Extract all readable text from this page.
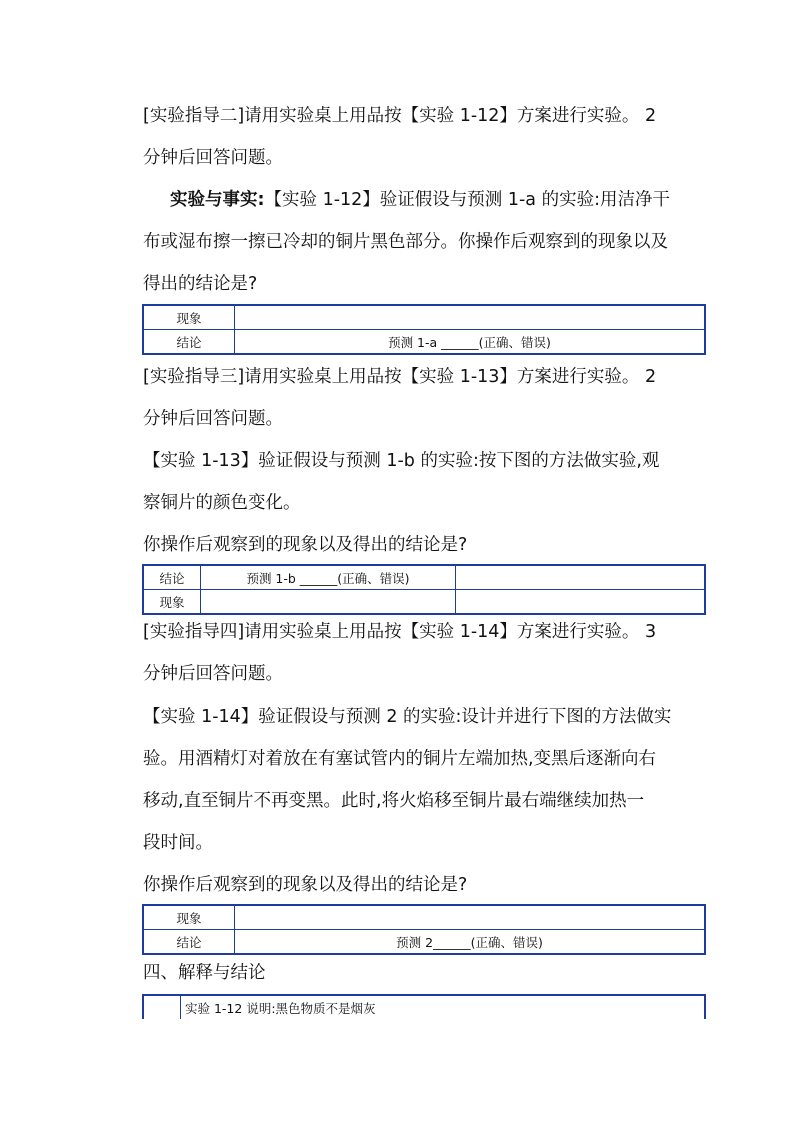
[实验指导二]请用实验桌上用品按【实验 1-12】方案进行实验。 2

分钟后回答问题。

实验与事实:【实验 1-12】验证假设与预测 1-a 的实验:用洁净干

布或湿布擦一擦已冷却的铜片黑色部分。你操作后观察到的现象以及

得出的结论是?

现象	
结论	预测 1-a ______(正确、错误)

[实验指导三]请用实验桌上用品按【实验 1-13】方案进行实验。 2

分钟后回答问题。

【实验 1-13】验证假设与预测 1-b 的实验:按下图的方法做实验,观

察铜片的颜色变化。

你操作后观察到的现象以及得出的结论是?

结论	预测 1-b ______(正确、错误)	
现象		

[实验指导四]请用实验桌上用品按【实验 1-14】方案进行实验。 3

分钟后回答问题。

【实验 1-14】验证假设与预测 2 的实验:设计并进行下图的方法做实

验。用酒精灯对着放在有塞试管内的铜片左端加热,变黑后逐渐向右

移动,直至铜片不再变黑。此时,将火焰移至铜片最右端继续加热一

段时间。

你操作后观察到的现象以及得出的结论是?

现象	
结论	预测 2______(正确、错误)

四、解释与结论

	实验 1-12 说明:黑色物质不是烟灰
